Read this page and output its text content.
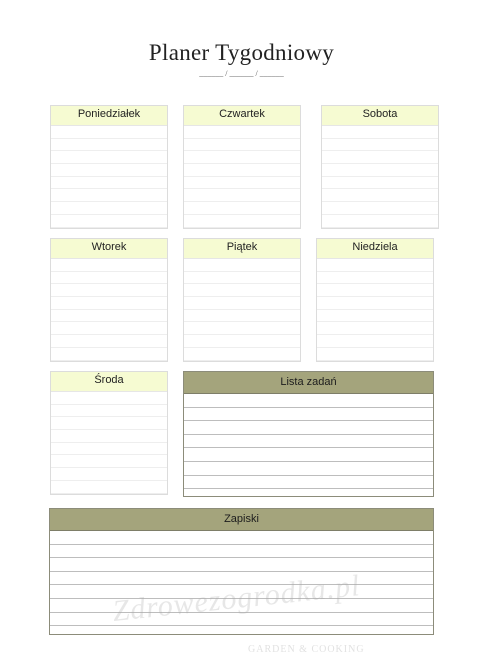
Planer Tygodniowy
______ / ______ / ______
Poniedziałek	Czwartek	Sobota
Wtorek	Piątek	Niedziela
Środa	Lista zadań
Zapiski
Zdrowezogrodka.pl
GARDEN & COOKING
